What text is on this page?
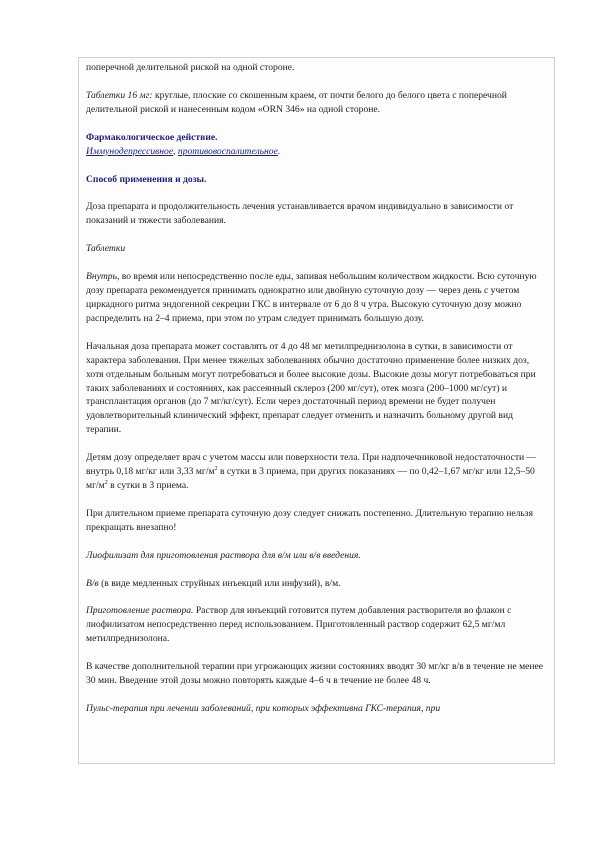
поперечной делительной риской на одной стороне.

Таблетки 16 мг: круглые, плоские со скошенным краем, от почти белого до белого цвета с поперечной делительной риской и нанесенным кодом «ORN 346» на одной стороне.

Фармакологическое действие.
Иммунодепрессивное, противовоспалительное.

Способ применения и дозы.

Доза препарата и продолжительность лечения устанавливается врачом индивидуально в зависимости от показаний и тяжести заболевания.

Таблетки

Внутрь, во время или непосредственно после еды, запивая небольшим количеством жидкости. Всю суточную дозу препарата рекомендуется принимать однократно или двойную суточную дозу — через день с учетом циркадного ритма эндогенной секреции ГКС в интервале от 6 до 8 ч утра. Высокую суточную дозу можно распределить на 2–4 приема, при этом по утрам следует принимать большую дозу.

Начальная доза препарата может составлять от 4 до 48 мг метилпреднизолона в сутки, в зависимости от характера заболевания. При менее тяжелых заболеваниях обычно достаточно применение более низких доз, хотя отдельным больным могут потребоваться и более высокие дозы. Высокие дозы могут потребоваться при таких заболеваниях и состояниях, как рассеянный склероз (200 мг/сут), отек мозга (200–1000 мг/сут) и трансплантация органов (до 7 мг/кг/сут). Если через достаточный период времени не будет получен удовлетворительный клинический эффект, препарат следует отменить и назначить больному другой вид терапии.

Детям дозу определяет врач с учетом массы или поверхности тела. При надпочечниковой недостаточности — внутрь 0,18 мг/кг или 3,33 $мг/м^2$ в сутки в 3 приема, при других показаниях — по 0,42–1,67 мг/кг или 12,5–50 $мг/м^2$ в сутки в 3 приема.

При длительном приеме препарата суточную дозу следует снижать постепенно. Длительную терапию нельзя прекращать внезапно!

Лиофилизат для приготовления раствора для в/м или в/в введения.

В/в (в виде медленных струйных инъекций или инфузий), в/м.

Приготовление раствора. Раствор для инъекций готовится путем добавления растворителя во флакон с лиофилизатом непосредственно перед использованием. Приготовленный раствор содержит 62,5 мг/мл метилпреднизолона.

В качестве дополнительной терапии при угрожающих жизни состояниях вводят 30 мг/кг в/в в течение не менее 30 мин. Введение этой дозы можно повторять каждые 4–6 ч в течение не более 48 ч.

Пульс-терапия при лечении заболеваний, при которых эффективна ГКС-терапия, при
